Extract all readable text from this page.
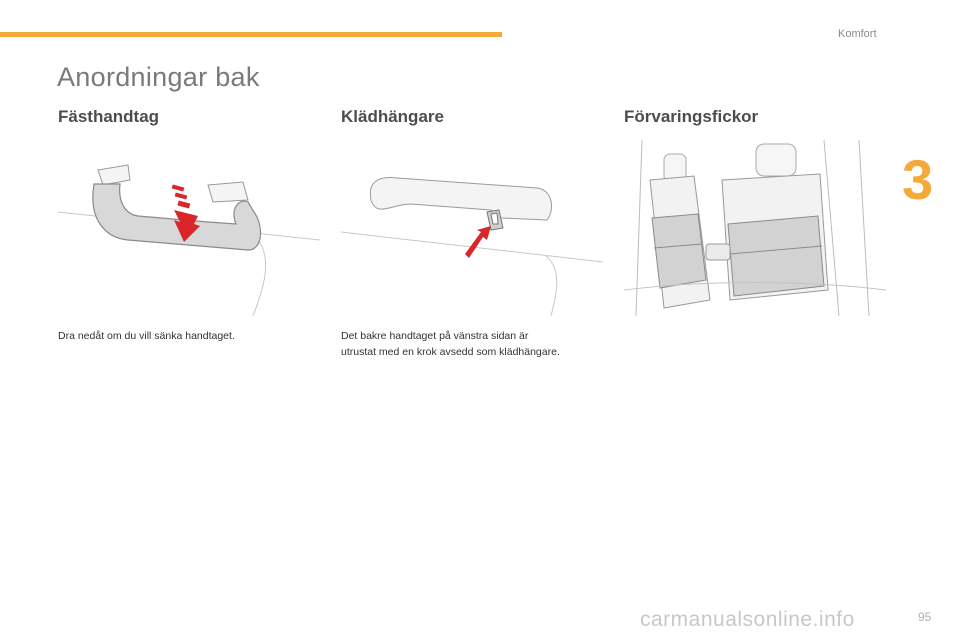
Komfort
Anordningar bak
3
Fästhandtag
Dra nedåt om du vill sänka handtaget.
Klädhängare
Det bakre handtaget på vänstra sidan är
utrustat med en krok avsedd som klädhängare.
Förvaringsfickor
carmanualsonline.info	95
